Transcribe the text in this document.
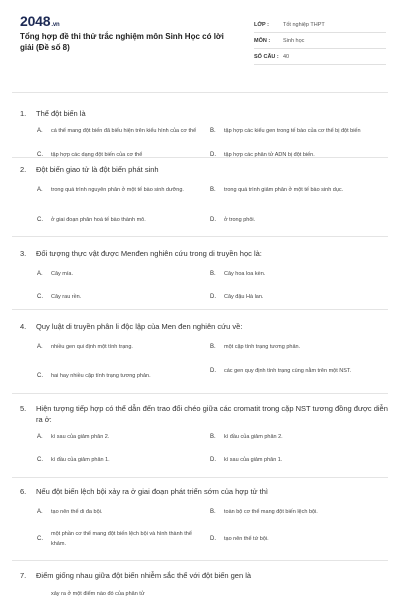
2048.vn
Tổng hợp đề thi thử trắc nghiệm môn Sinh Học có lời giải (Đề số 8)
LỚP :	Tốt nghiệp THPT
MÔN :	Sinh học
SỐ CÂU : 40
1.	Thể đột biến là
A.	cá thể mang đột biến đã biểu hiện trên kiểu hình của cơ thể	B.	tập hợp các kiểu gen trong tế bào của cơ thể bị đột biến
C.	tập hợp các dạng đột biến của cơ thể	D.	tập hợp các phân tử ADN bị đột biến.
2.	Đột biến giao tử là đột biến phát sinh
A.	trong quá trình nguyên phân ở một tế bào sinh dưỡng.	B.	trong quá trình giảm phân ở một tế bào sinh dục.
C.	ở giai đoạn phân hoá tế bào thành mô.	D.	ở trong phôi.
3.	Đối tượng thực vật được Menđen nghiên cứu trong di truyền học là:
A.	Cây mía.	B.	Cây hoa loa kèn.
C.	Cây rau rền.	D.	Cây đậu Hà lan.
4.	Quy luật di truyền phân li độc lập của Men đen nghiên cứu về:
A.	nhiều gen qui định một tính trạng.	B.	một cặp tính trạng tương phản.
C.	hai hay nhiều cặp tính trạng tương phản.
D.	các gen quy định tính trạng cùng nằm trên một NST.
5.	Hiện tượng tiếp hợp có thể dẫn đến trao đổi chéo giữa các cromatit trong cặp NST tương đồng được diễn ra ở:
A.	kì sau của giảm phân 2.	B.	kì đầu của giảm phân 2.
C.	kì đầu của giảm phân 1.	D.	kì sau của giảm phân 1.
6.	Nếu đột biến lệch bội xảy ra ở giai đoạn phát triển sớm của hợp tử thì
A.	tạo nên thể di đa bội.	B.	toàn bộ cơ thể mang đột biến lệch bội.
C.
một phần cơ thể mang đột biến lệch bội và hình thành thể khảm.
D.	tạo nên thể tứ bội.
7.	Điểm giống nhau giữa đột biến nhiễm sắc thể với đột biến gen là
xảy ra ở một điểm nào đó của phân tử
